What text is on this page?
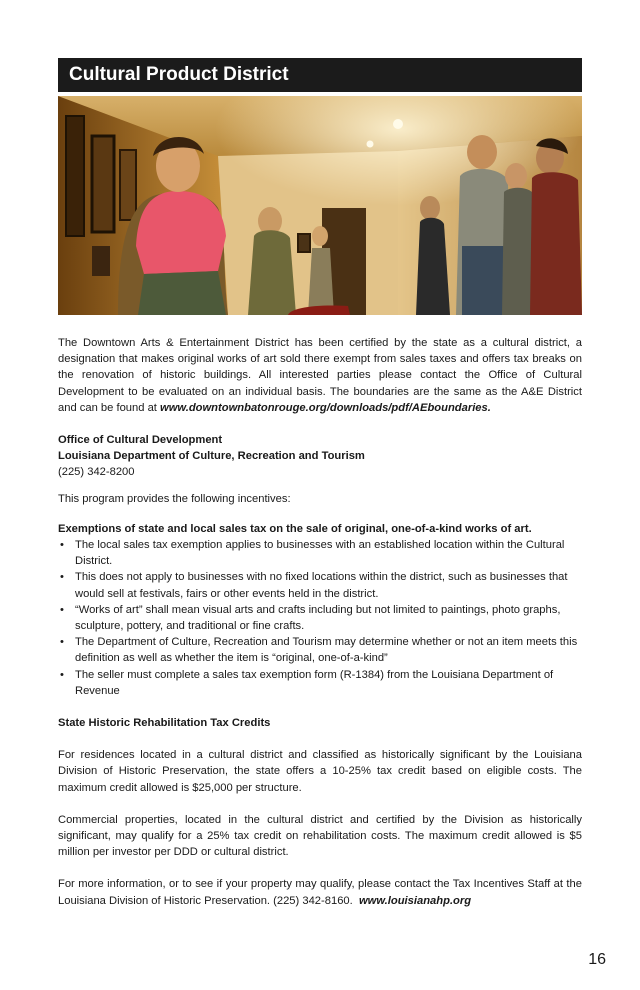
Cultural Product District

The Downtown Arts & Entertainment District has been certified by the state as a cultural district, a designation that makes original works of art sold there exempt from sales taxes and offers tax breaks on the renovation of historic buildings. All interested parties please contact the Office of Cultural Development to be evaluated on an individual basis. The boundaries are the same as the A&E District and can be found at www.downtownbatonrouge.org/downloads/pdf/AEboundaries.

Office of Cultural Development

Louisiana Department of Culture, Recreation and Tourism

(225) 342-8200

This program provides the following incentives:

Exemptions of state and local sales tax on the sale of original, one-of-a-kind works of art.

• The local sales tax exemption applies to businesses with an established location within the Cultural District.
• This does not apply to businesses with no fixed locations within the district, such as businesses that would sell at festivals, fairs or other events held in the district.
• “Works of art” shall mean visual arts and crafts including but not limited to paintings, photo graphs, sculpture, pottery, and traditional or fine crafts.
• The Department of Culture, Recreation and Tourism may determine whether or not an item meets this definition as well as whether the item is “original, one-of-a-kind”
• The seller must complete a sales tax exemption form (R-1384) from the Louisiana Department of Revenue

State Historic Rehabilitation Tax Credits

For residences located in a cultural district and classified as historically significant by the Louisiana Division of Historic Preservation, the state offers a 10-25% tax credit based on eligible costs. The maximum credit allowed is $25,000 per structure.

Commercial properties, located in the cultural district and certified by the Division as historically significant, may qualify for a 25% tax credit on rehabilitation costs. The maximum credit allowed is $5 million per investor per DDD or cultural district.

For more information, or to see if your property may qualify, please contact the Tax Incentives Staff at the Louisiana Division of Historic Preservation. (225) 342-8160. www.louisianahp.org

16
